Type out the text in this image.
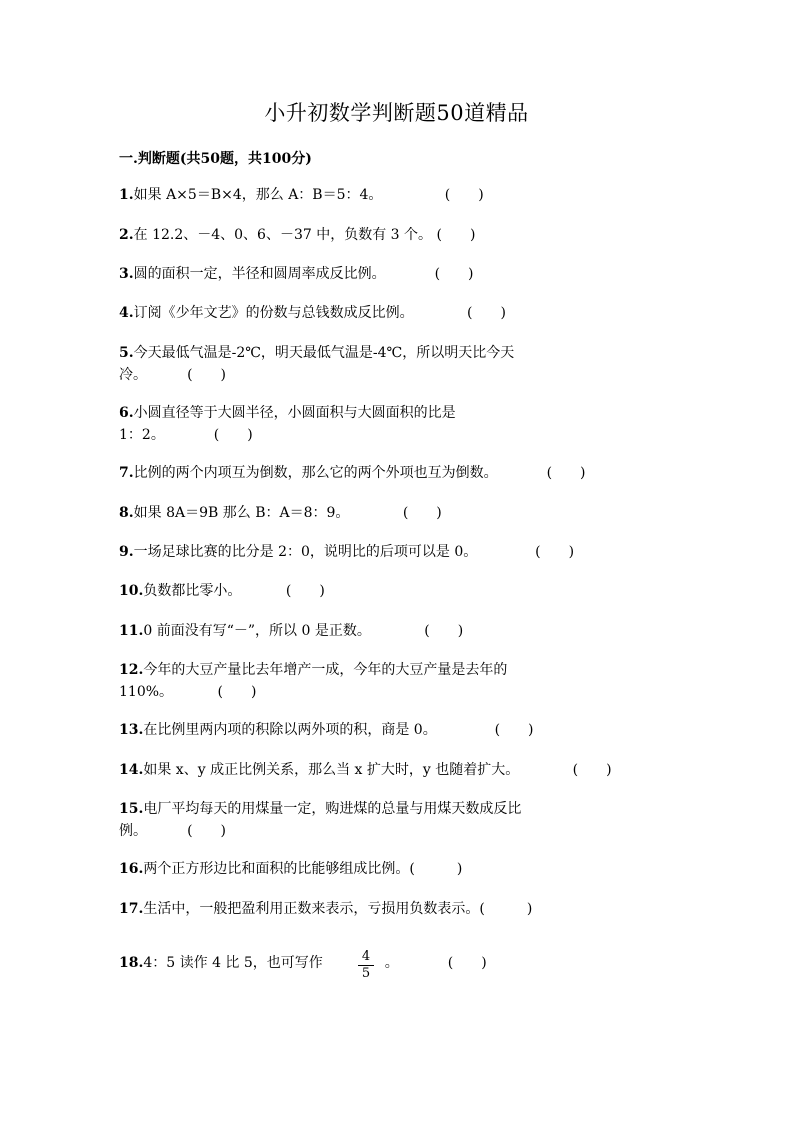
小升初数学判断题50道精品
一.判断题(共50题，共100分)
1.如果 A×5＝B×4，那么 A：B＝5：4。	(　　)
2.在 12.2、－4、0、6、－37 中，负数有 3 个。 (　　)
3.圆的面积一定，半径和圆周率成反比例。	(　　)
4.订阅《少年文艺》的份数与总钱数成反比例。	(　　)
5.今天最低气温是-2℃，明天最低气温是-4℃，所以明天比今天
冷。	(　　)
6.小圆直径等于大圆半径，小圆面积与大圆面积的比是
1：2。	(　　)
7.比例的两个内项互为倒数，那么它的两个外项也互为倒数。	(　　)
8.如果 8A＝9B 那么 B：A＝8：9。	(　　)
9.一场足球比赛的比分是 2：0，说明比的后项可以是 0。	(　　)
10.负数都比零小。	(　　)
11.0 前面没有写“－”，所以 0 是正数。	(　　)
12.今年的大豆产量比去年增产一成，今年的大豆产量是去年的
110%。	(　　)
13.在比例里两内项的积除以两外项的积，商是 0。	(　　)
14.如果 x、y 成正比例关系，那么当 x 扩大时，y 也随着扩大。	(　　)
15.电厂平均每天的用煤量一定，购进煤的总量与用煤天数成反比
例。	(　　)
16.两个正方形边比和面积的比能够组成比例。(　　　)
17.生活中，一般把盈利用正数来表示，亏损用负数表示。(　　　)
18.4：5 读作 4 比 5，也可写作	。	(　　)
4
5
